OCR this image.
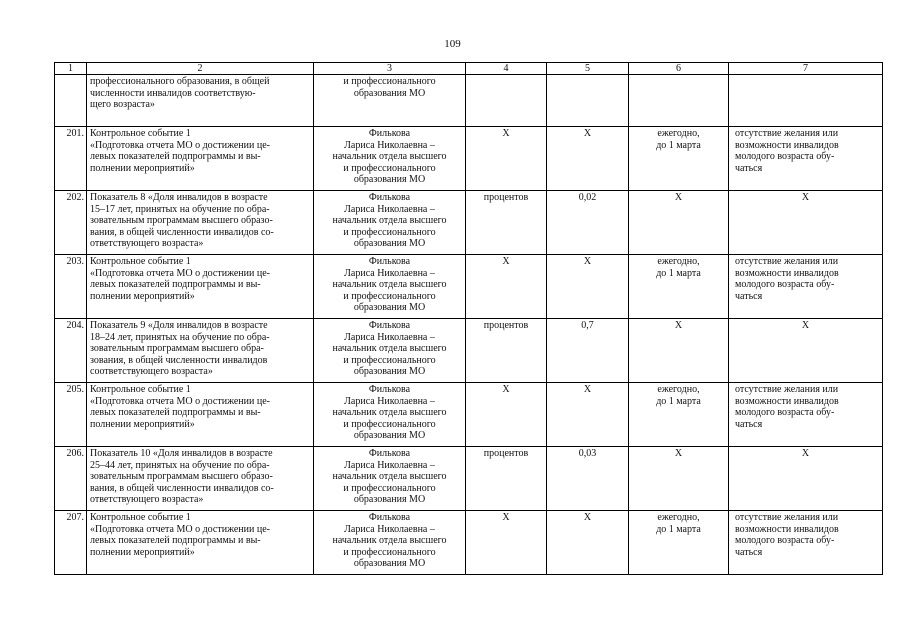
109
1	2	3	4	5	6	7
	профессионального образования, в общей
численности инвалидов соответствую-
щего возраста»	и профессионального
образования МО				
201.	Контрольное событие 1
«Подготовка отчета МО о достижении це-
левых показателей подпрограммы и вы-
полнении мероприятий»	Филькова
Лариса Николаевна –
начальник отдела высшего
и профессионального
образования МО	Х	Х	ежегодно,
до 1 марта	отсутствие желания или
возможности инвалидов
молодого возраста обу-
чаться
202.	Показатель 8 «Доля инвалидов в возрасте
15–17 лет, принятых на обучение по обра-
зовательным программам высшего образо-
вания, в общей численности инвалидов со-
ответствующего возраста»	Филькова
Лариса Николаевна –
начальник отдела высшего
и профессионального
образования МО	процентов	0,02	Х	Х
203.	Контрольное событие 1
«Подготовка отчета МО о достижении це-
левых показателей подпрограммы и вы-
полнении мероприятий»	Филькова
Лариса Николаевна –
начальник отдела высшего
и профессионального
образования МО	Х	Х	ежегодно,
до 1 марта	отсутствие желания или
возможности инвалидов
молодого возраста обу-
чаться
204.	Показатель 9 «Доля инвалидов в возрасте
18–24 лет, принятых на обучение по обра-
зовательным программам высшего обра-
зования, в общей численности инвалидов
соответствующего возраста»	Филькова
Лариса Николаевна –
начальник отдела высшего
и профессионального
образования МО	процентов	0,7	Х	Х
205.	Контрольное событие 1
«Подготовка отчета МО о достижении це-
левых показателей подпрограммы и вы-
полнении мероприятий»	Филькова
Лариса Николаевна –
начальник отдела высшего
и профессионального
образования МО	Х	Х	ежегодно,
до 1 марта	отсутствие желания или
возможности инвалидов
молодого возраста обу-
чаться
206.	Показатель 10 «Доля инвалидов в возрасте
25–44 лет, принятых на обучение по обра-
зовательным программам высшего образо-
вания, в общей численности инвалидов со-
ответствующего возраста»	Филькова
Лариса Николаевна –
начальник отдела высшего
и профессионального
образования МО	процентов	0,03	Х	Х
207.	Контрольное событие 1
«Подготовка отчета МО о достижении це-
левых показателей подпрограммы и вы-
полнении мероприятий»	Филькова
Лариса Николаевна –
начальник отдела высшего
и профессионального
образования МО	Х	Х	ежегодно,
до 1 марта	отсутствие желания или
возможности инвалидов
молодого возраста обу-
чаться
